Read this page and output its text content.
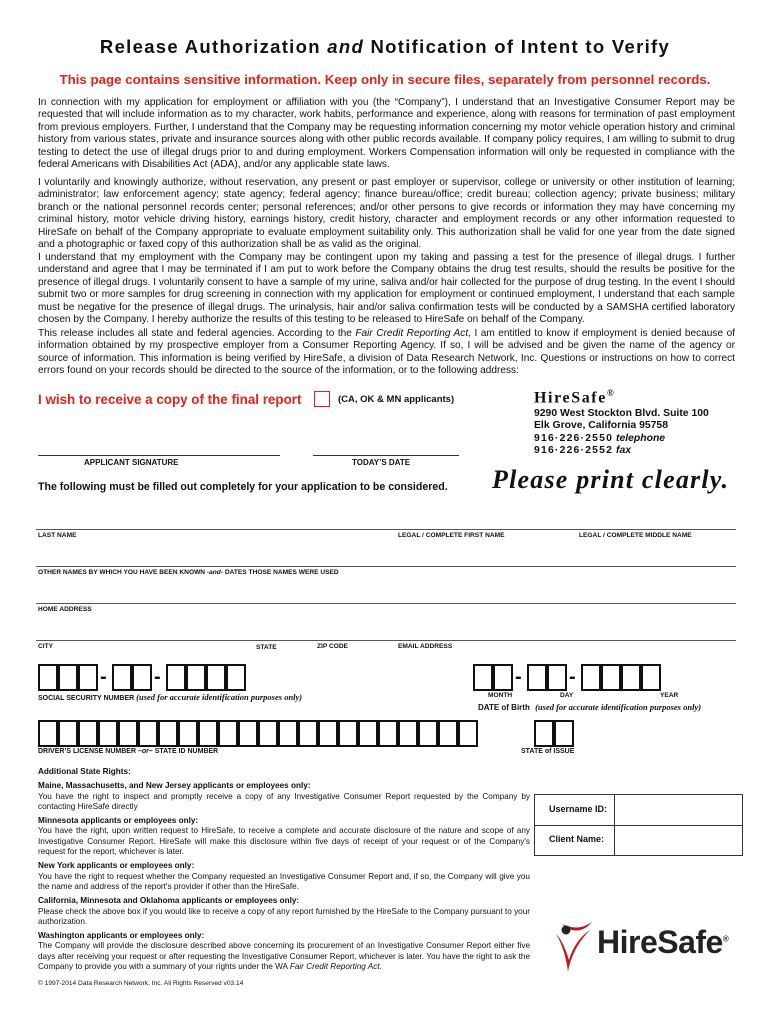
Release Authorization and Notification of Intent to Verify
This page contains sensitive information. Keep only in secure files, separately from personnel records.
In connection with my application for employment or affiliation with you (the “Company”), I understand that an Investigative Consumer Report may be requested that will include information as to my character, work habits, performance and experience, along with reasons for termination of past employment from previous employers. Further, I understand that the Company may be requesting information concerning my motor vehicle operation history and criminal history from various states, private and insurance sources along with other public records available. If company policy requires, I am willing to submit to drug testing to detect the use of illegal drugs prior to and during employment. Workers Compensation information will only be requested in compliance with the federal Americans with Disabilities Act (ADA), and/or any applicable state laws.
I voluntarily and knowingly authorize, without reservation, any present or past employer or supervisor, college or university or other institution of learning; administrator; law enforcement agency; state agency; federal agency; finance bureau/office; credit bureau; collection agency; private business; military branch or the national personnel records center; personal references; and/or other persons to give records or information they may have concerning my criminal history, motor vehicle driving history, earnings history, credit history, character and employment records or any other information requested to HireSafe on behalf of the Company appropriate to evaluate employment suitability only. This authorization shall be valid for one year from the date signed and a photographic or faxed copy of this authorization shall be as valid as the original.
I understand that my employment with the Company may be contingent upon my taking and passing a test for the presence of illegal drugs. I further understand and agree that I may be terminated if I am put to work before the Company obtains the drug test results, should the results be positive for the presence of illegal drugs. I voluntarily consent to have a sample of my urine, saliva and/or hair collected for the purpose of drug testing. In the event I should submit two or more samples for drug screening in connection with my application for employment or continued employment, I understand that each sample must be negative for the presence of illegal drugs. The urinalysis, hair and/or saliva confirmation tests will be conducted by a SAMSHA certified laboratory chosen by the Company. I hereby authorize the results of this testing to be released to HireSafe on behalf of the Company.
This release includes all state and federal agencies. According to the Fair Credit Reporting Act, I am entitled to know if employment is denied because of information obtained by my prospective employer from a Consumer Reporting Agency. If so, I will be advised and be given the name of the agency or source of information. This information is being verified by HireSafe, a division of Data Research Network, Inc. Questions or instructions on how to correct errors found on your records should be directed to the source of the information, or to the following address:
I wish to receive a copy of the final report	(CA, OK & MN applicants)	HireSafe®
9290 West Stockton Blvd. Suite 100
Elk Grove, California 95758
916·226·2550 telephone
916·226·2552 fax
APPLICANT SIGNATURE	TODAY’S DATE
The following must be filled out completely for your application to be considered. Please print clearly.
LAST NAME	LEGAL / COMPLETE FIRST NAME	LEGAL / COMPLETE MIDDLE NAME
OTHER NAMES BY WHICH YOU HAVE BEEN KNOWN -and- DATES THOSE NAMES WERE USED
HOME ADDRESS
CITY	STATE	ZIP CODE	EMAIL ADDRESS
- -
SOCIAL SECURITY NUMBER (used for accurate identification purposes only)
- -
MONTH	DAY	YEAR
DATE of Birth (used for accurate identification purposes only)
DRIVER’S LICENSE NUMBER –or– STATE ID NUMBER	STATE of ISSUE
Additional State Rights:
Maine, Massachusetts, and New Jersey applicants or employees only:
You have the right to inspect and promptly receive a copy of any Investigative Consumer Report requested by the Company by contacting HireSafe directly
Minnesota applicants or employees only:
You have the right, upon written request to HireSafe, to receive a complete and accurate disclosure of the nature and scope of any Investigative Consumer Report. HireSafe will make this disclosure within five days of receipt of your request or of the Company's request for the report, whichever is later.
New York applicants or employees only:
You have the right to request whether the Company requested an Investigative Consumer Report and, if so, the Company will give you the name and address of the report's provider if other than the HireSafe.
California, Minnesota and Oklahoma applicants or employees only:
Please check the above box if you would like to receive a copy of any report furnished by the HireSafe to the Company pursuant to your authorization.
Washington applicants or employees only:
The Company will provide the disclosure described above concerning its procurement of an Investigative Consumer Report either five days after receiving your request or after requesting the Investigative Consumer Report, whichever is later. You have the right to ask the Company to provide you with a summary of your rights under the WA Fair Credit Reporting Act.
Username ID:
Client Name:
HireSafe®
© 1997-2014 Data Research Network, Inc. All Rights Reserved v03.14
